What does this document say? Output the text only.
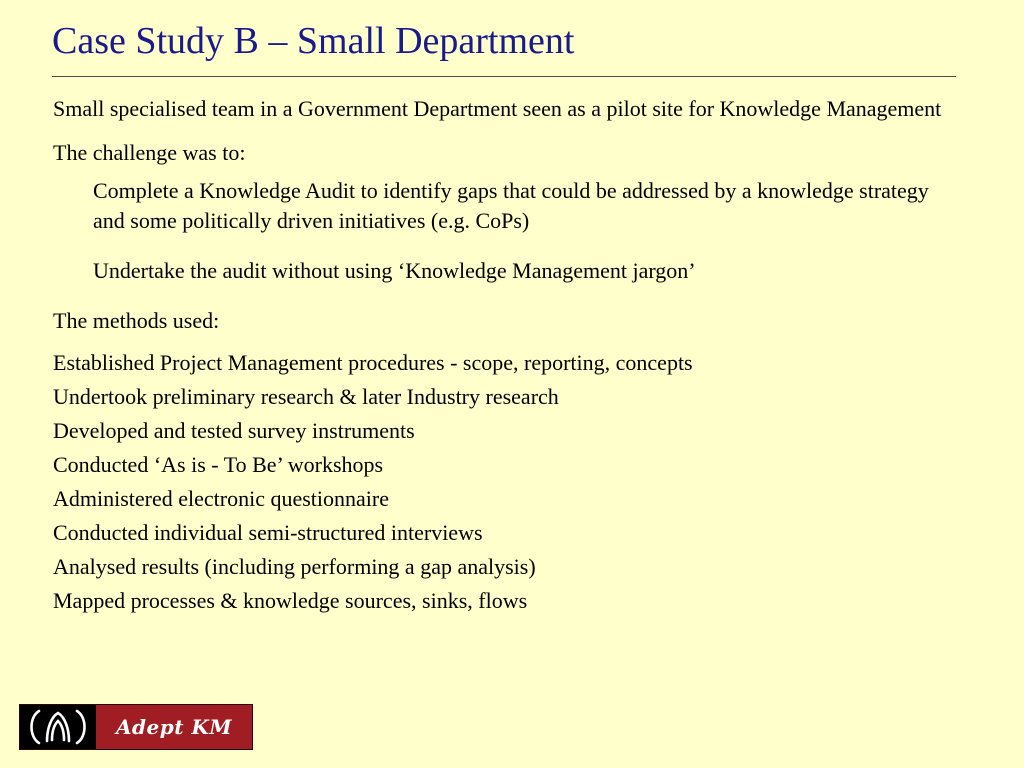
Case Study B – Small Department

Small specialised team in a Government Department seen as a pilot site for Knowledge Management

The challenge was to:

Complete a Knowledge Audit to identify gaps that could be addressed by a knowledge strategy and some politically driven initiatives (e.g. CoPs)

Undertake the audit without using ‘Knowledge Management jargon’

The methods used:

Established Project Management procedures - scope, reporting, concepts
Undertook preliminary research & later Industry research
Developed and tested survey instruments
Conducted ‘As is - To Be’ workshops
Administered electronic questionnaire
Conducted individual semi-structured interviews
Analysed results (including performing a gap analysis)
Mapped processes & knowledge sources, sinks, flows
Adept KM
